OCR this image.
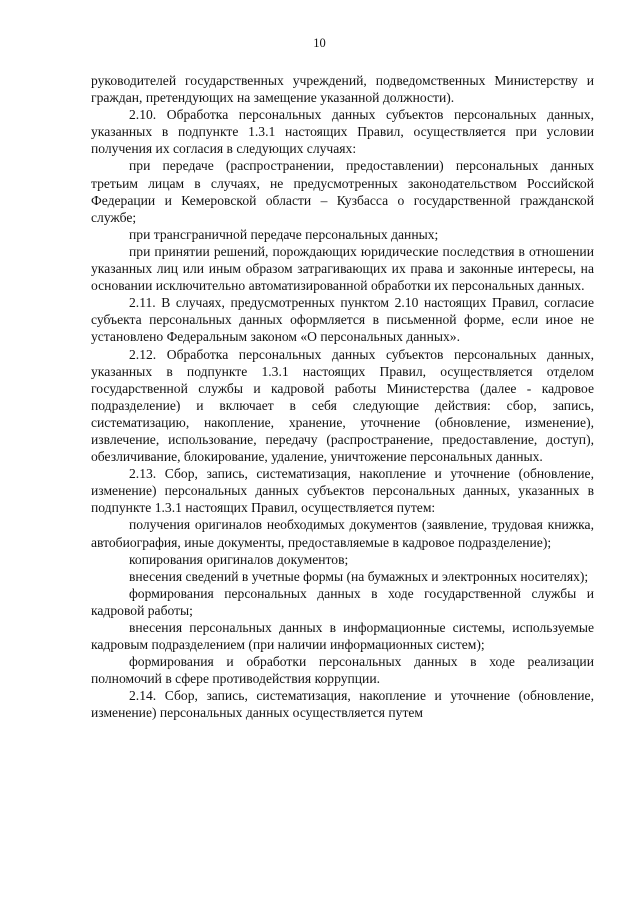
10

руководителей государственных учреждений, подведомственных Министерству и граждан, претендующих на замещение указанной должности).

2.10. Обработка персональных данных субъектов персональных данных, указанных в подпункте 1.3.1 настоящих Правил, осуществляется при условии получения их согласия в следующих случаях:

при передаче (распространении, предоставлении) персональных данных третьим лицам в случаях, не предусмотренных законодательством Российской Федерации и Кемеровской области – Кузбасса о государственной гражданской службе;

при трансграничной передаче персональных данных;

при принятии решений, порождающих юридические последствия в отношении указанных лиц или иным образом затрагивающих их права и законные интересы, на основании исключительно автоматизированной обработки их персональных данных.

2.11. В случаях, предусмотренных пунктом 2.10 настоящих Правил, согласие субъекта персональных данных оформляется в письменной форме, если иное не установлено Федеральным законом «О персональных данных».

2.12. Обработка персональных данных субъектов персональных данных, указанных в подпункте 1.3.1 настоящих Правил, осуществляется отделом государственной службы и кадровой работы Министерства (далее - кадровое подразделение) и включает в себя следующие действия: сбор, запись, систематизацию, накопление, хранение, уточнение (обновление, изменение), извлечение, использование, передачу (распространение, предоставление, доступ), обезличивание, блокирование, удаление, уничтожение персональных данных.

2.13. Сбор, запись, систематизация, накопление и уточнение (обновление, изменение) персональных данных субъектов персональных данных, указанных в подпункте 1.3.1 настоящих Правил, осуществляется путем:

получения оригиналов необходимых документов (заявление, трудовая книжка, автобиография, иные документы, предоставляемые в кадровое подразделение);

копирования оригиналов документов;

внесения сведений в учетные формы (на бумажных и электронных носителях);

формирования персональных данных в ходе государственной службы и кадровой работы;

внесения персональных данных в информационные системы, используемые кадровым подразделением (при наличии информационных систем);

формирования и обработки персональных данных в ходе реализации полномочий в сфере противодействия коррупции.

2.14. Сбор, запись, систематизация, накопление и уточнение (обновление, изменение) персональных данных осуществляется путем
